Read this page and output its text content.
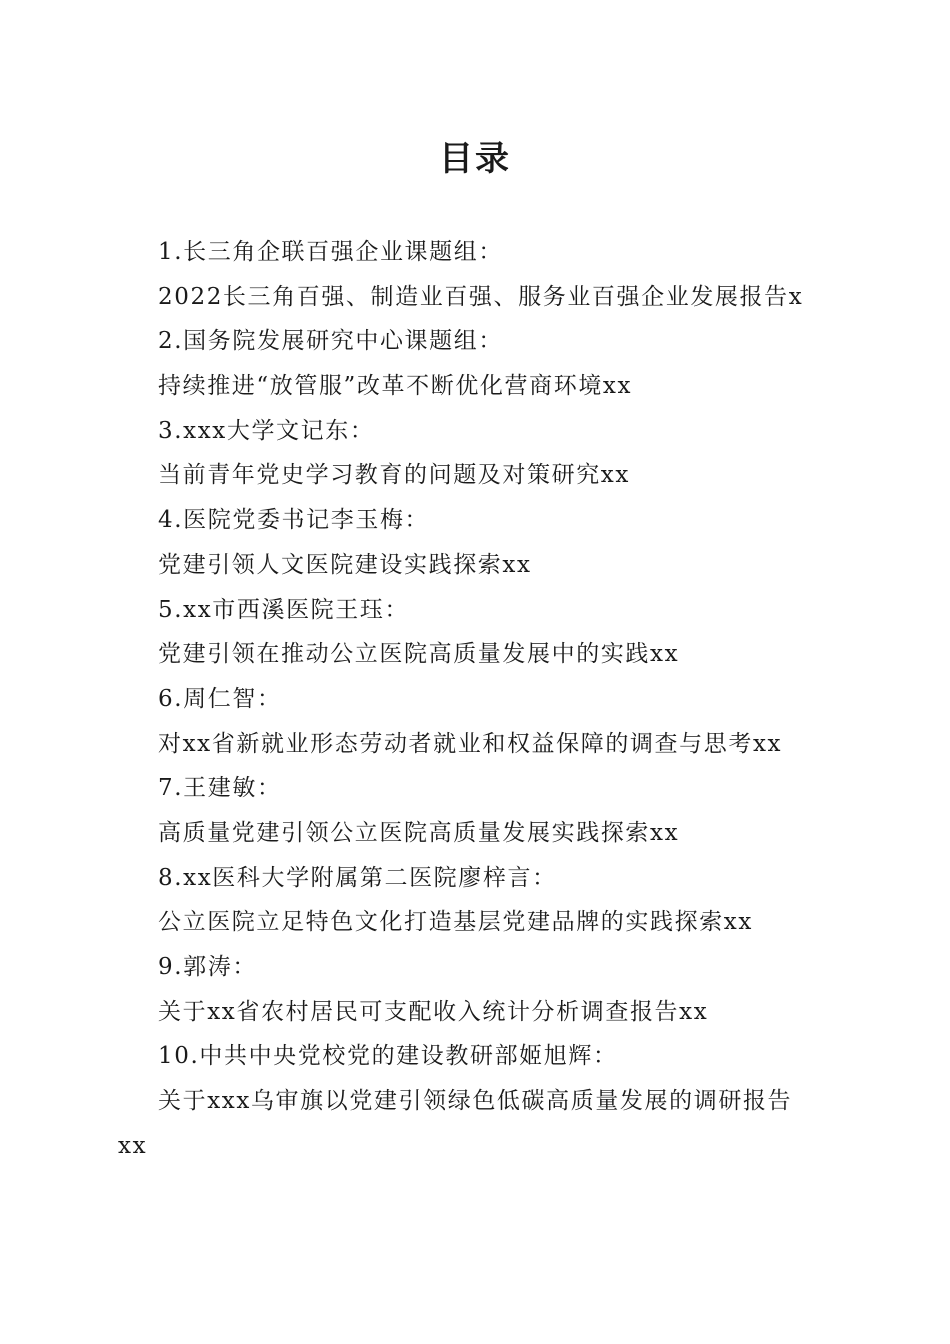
目录
1.长三角企联百强企业课题组：
2022长三角百强、制造业百强、服务业百强企业发展报告x
2.国务院发展研究中心课题组：
持续推进“放管服”改革不断优化营商环境xx
3.xxx大学文记东：
当前青年党史学习教育的问题及对策研究xx
4.医院党委书记李玉梅：
党建引领人文医院建设实践探索xx
5.xx市西溪医院王珏：
党建引领在推动公立医院高质量发展中的实践xx
6.周仁智：
对xx省新就业形态劳动者就业和权益保障的调查与思考xx
7.王建敏：
高质量党建引领公立医院高质量发展实践探索xx
8.xx医科大学附属第二医院廖梓言：
公立医院立足特色文化打造基层党建品牌的实践探索xx
9.郭涛：
关于xx省农村居民可支配收入统计分析调查报告xx
10.中共中央党校党的建设教研部姬旭辉：
关于xxx乌审旗以党建引领绿色低碳高质量发展的调研报告
xx
